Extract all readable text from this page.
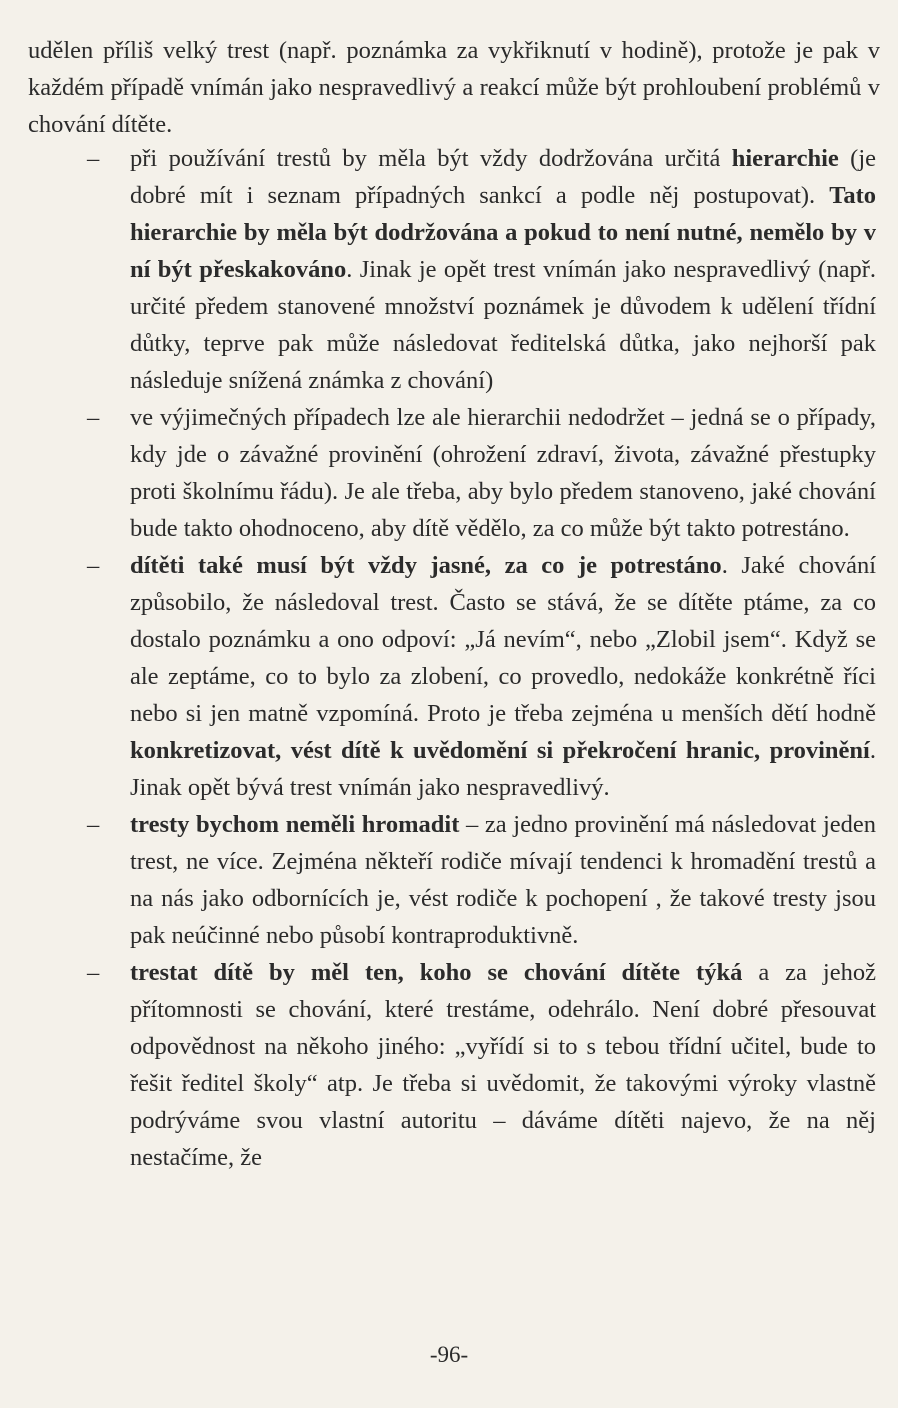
udělen příliš velký trest (např. poznámka za vykřiknutí v hodině), protože je pak v každém případě vnímán jako nespravedlivý a reakcí může být prohloubení problémů v chování dítěte.

– při používání trestů by měla být vždy dodržována určitá hierarchie (je dobré mít i seznam případných sankcí a podle něj postupovat). Tato hierarchie by měla být dodržována a pokud to není nutné, nemělo by v ní být přeskakováno. Jinak je opět trest vnímán jako nespravedlivý (např. určité předem stanovené množství poznámek je důvodem k udělení třídní důtky, teprve pak může následovat ředitelská důtka, jako nejhorší pak následuje snížená známka z chování)
– ve výjimečných případech lze ale hierarchii nedodržet – jedná se o případy, kdy jde o závažné provinění (ohrožení zdraví, života, závažné přestupky proti školnímu řádu). Je ale třeba, aby bylo předem stanoveno, jaké chování bude takto ohodnoceno, aby dítě vědělo, za co může být takto potrestáno.
– dítěti také musí být vždy jasné, za co je potrestáno. Jaké chování způsobilo, že následoval trest. Často se stává, že se dítěte ptáme, za co dostalo poznámku a ono odpoví: „Já nevím“, nebo „Zlobil jsem“. Když se ale zeptáme, co to bylo za zlobení, co provedlo, nedokáže konkrétně říci nebo si jen matně vzpomíná. Proto je třeba zejména u menších dětí hodně konkretizovat, vést dítě k uvědomění si překročení hranic, provinění. Jinak opět bývá trest vnímán jako nespravedlivý.
– tresty bychom neměli hromadit – za jedno provinění má následovat jeden trest, ne více. Zejména někteří rodiče mívají tendenci k hromadění trestů a na nás jako odbornících je, vést rodiče k pochopení , že takové tresty jsou pak neúčinné nebo působí kontraproduktivně.
– trestat dítě by měl ten, koho se chování dítěte týká a za jehož přítomnosti se chování, které trestáme, odehrálo. Není dobré přesouvat odpovědnost na někoho jiného: „vyřídí si to s tebou třídní učitel, bude to řešit ředitel školy“ atp. Je třeba si uvědomit, že takovými výroky vlastně podrýváme svou vlastní autoritu – dáváme dítěti najevo, že na něj nestačíme, že
-96-
